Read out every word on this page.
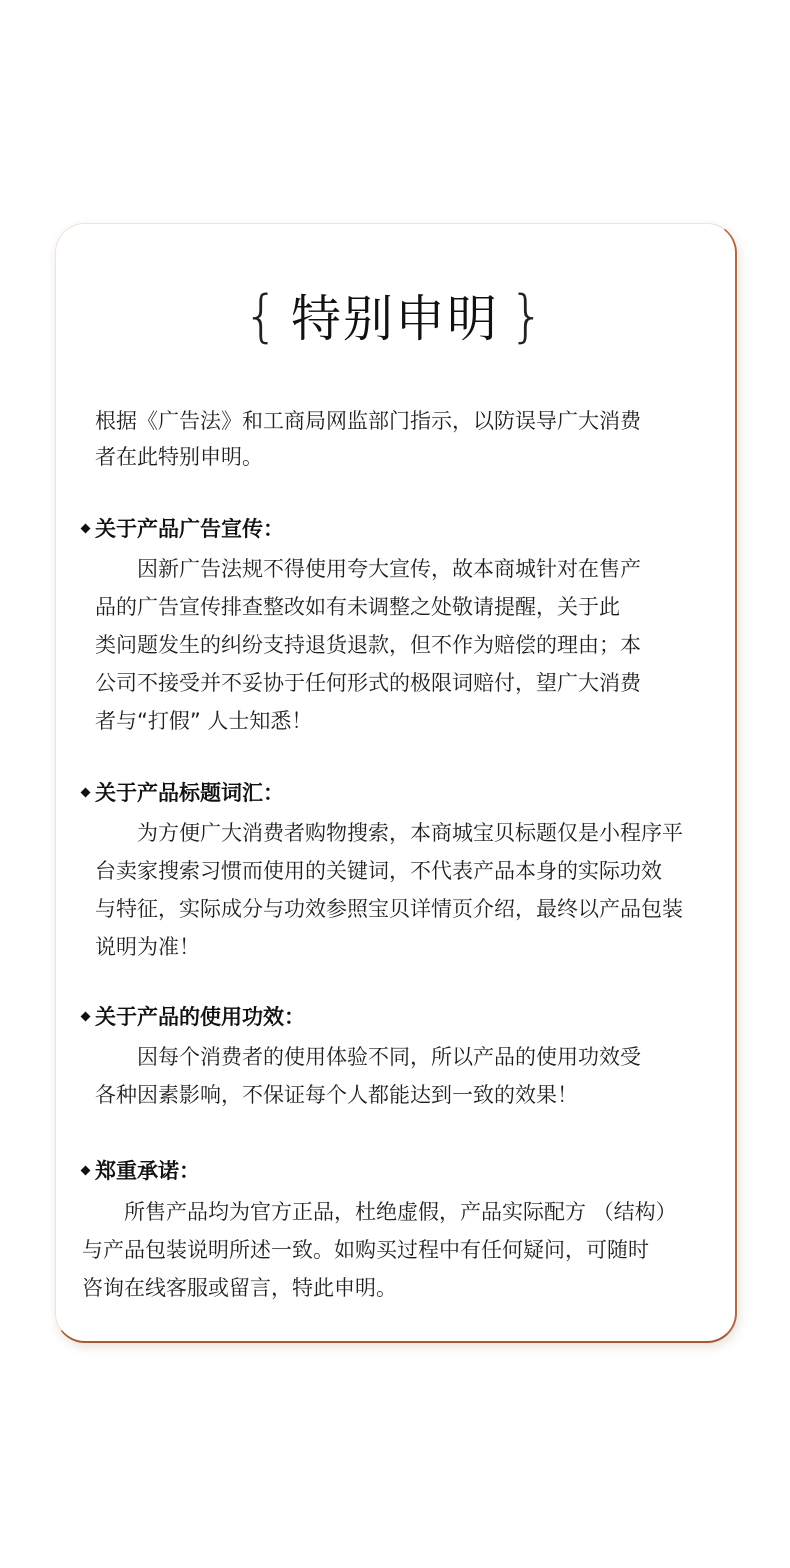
{ 特别申明 }
根据《广告法》和工商局网监部门指示，以防误导广大消费
者在此特别申明。
关于产品广告宣传：
　　因新广告法规不得使用夸大宣传，故本商城针对在售产
品的广告宣传排查整改如有未调整之处敬请提醒，关于此
类问题发生的纠纷支持退货退款，但不作为赔偿的理由；本
公司不接受并不妥协于任何形式的极限词赔付，望广大消费
者与“打假” 人士知悉！
关于产品标题词汇：
　　为方便广大消费者购物搜索，本商城宝贝标题仅是小程序平
台卖家搜索习惯而使用的关键词，不代表产品本身的实际功效
与特征，实际成分与功效参照宝贝详情页介绍，最终以产品包装
说明为准！
关于产品的使用功效：
　　因每个消费者的使用体验不同，所以产品的使用功效受
各种因素影响，不保证每个人都能达到一致的效果！
郑重承诺：
　　所售产品均为官方正品，杜绝虚假，产品实际配方 （结构）
与产品包装说明所述一致。如购买过程中有任何疑问，可随时
咨询在线客服或留言，特此申明。
